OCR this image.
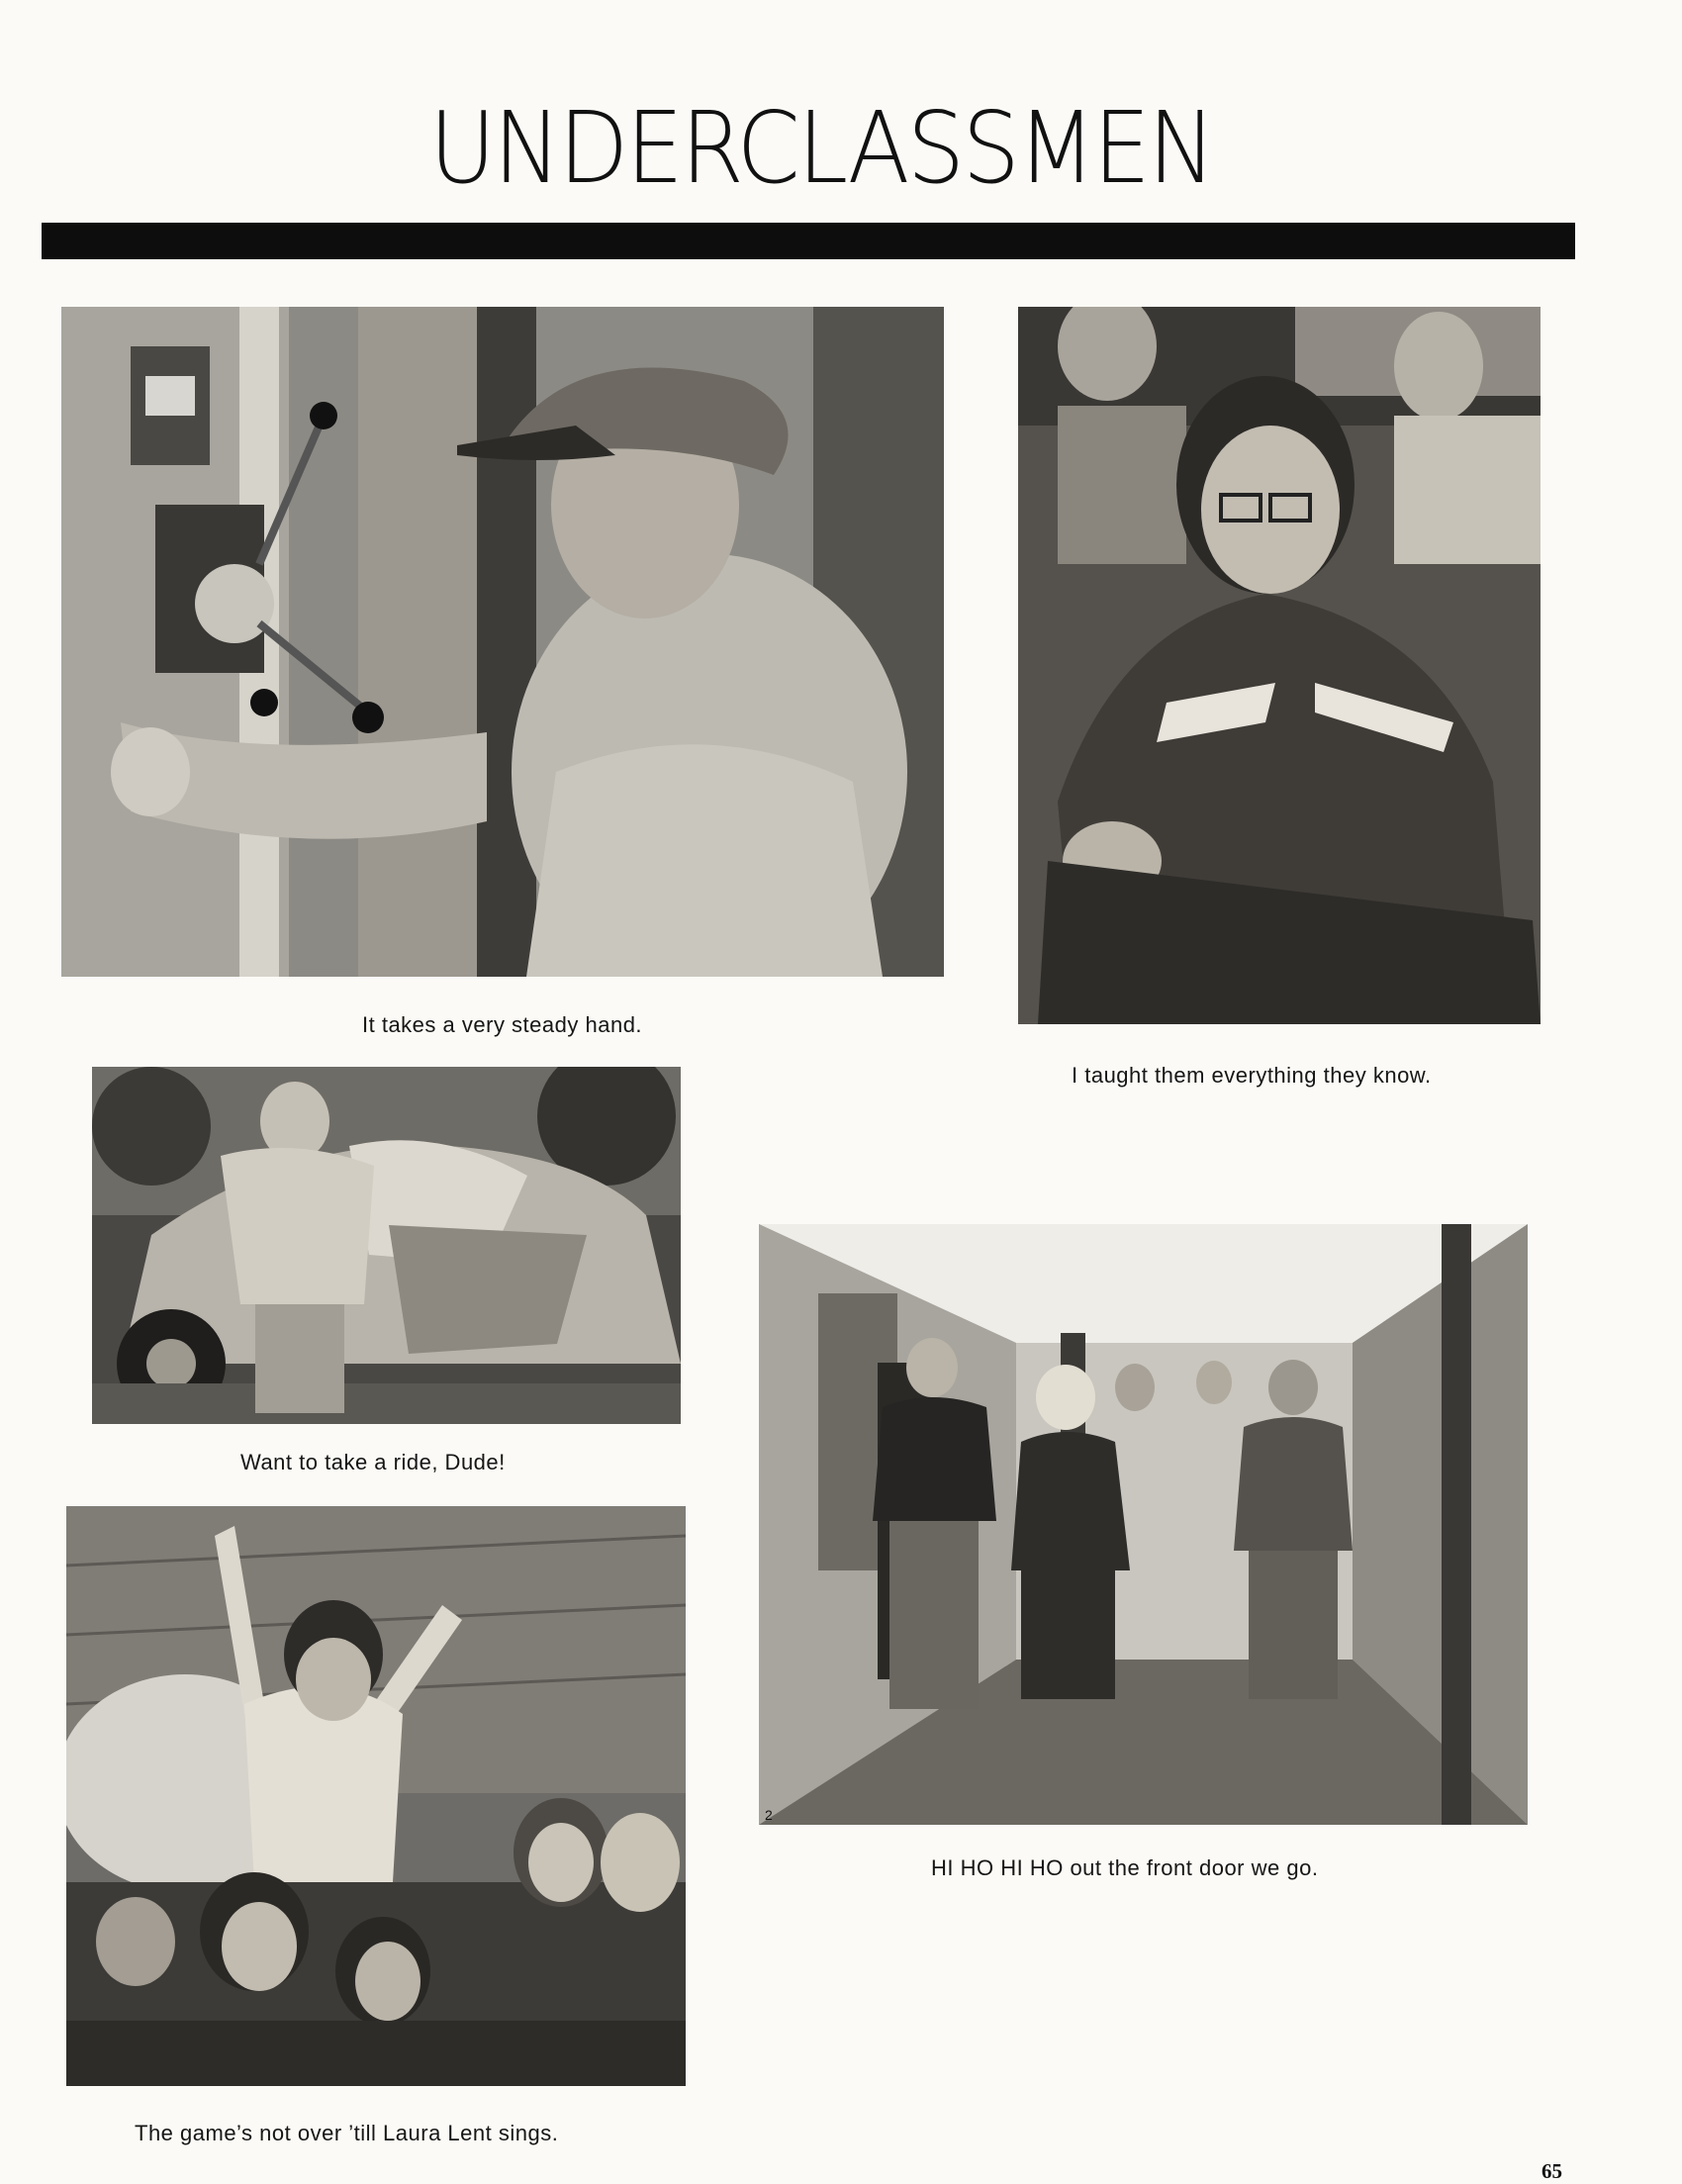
UNDERCLASSMEN
It takes a very steady hand.
I taught them everything they know.
Want to take a ride, Dude!
2
HI HO HI HO out the front door we go.
The game’s not over ’till Laura Lent sings.
65
